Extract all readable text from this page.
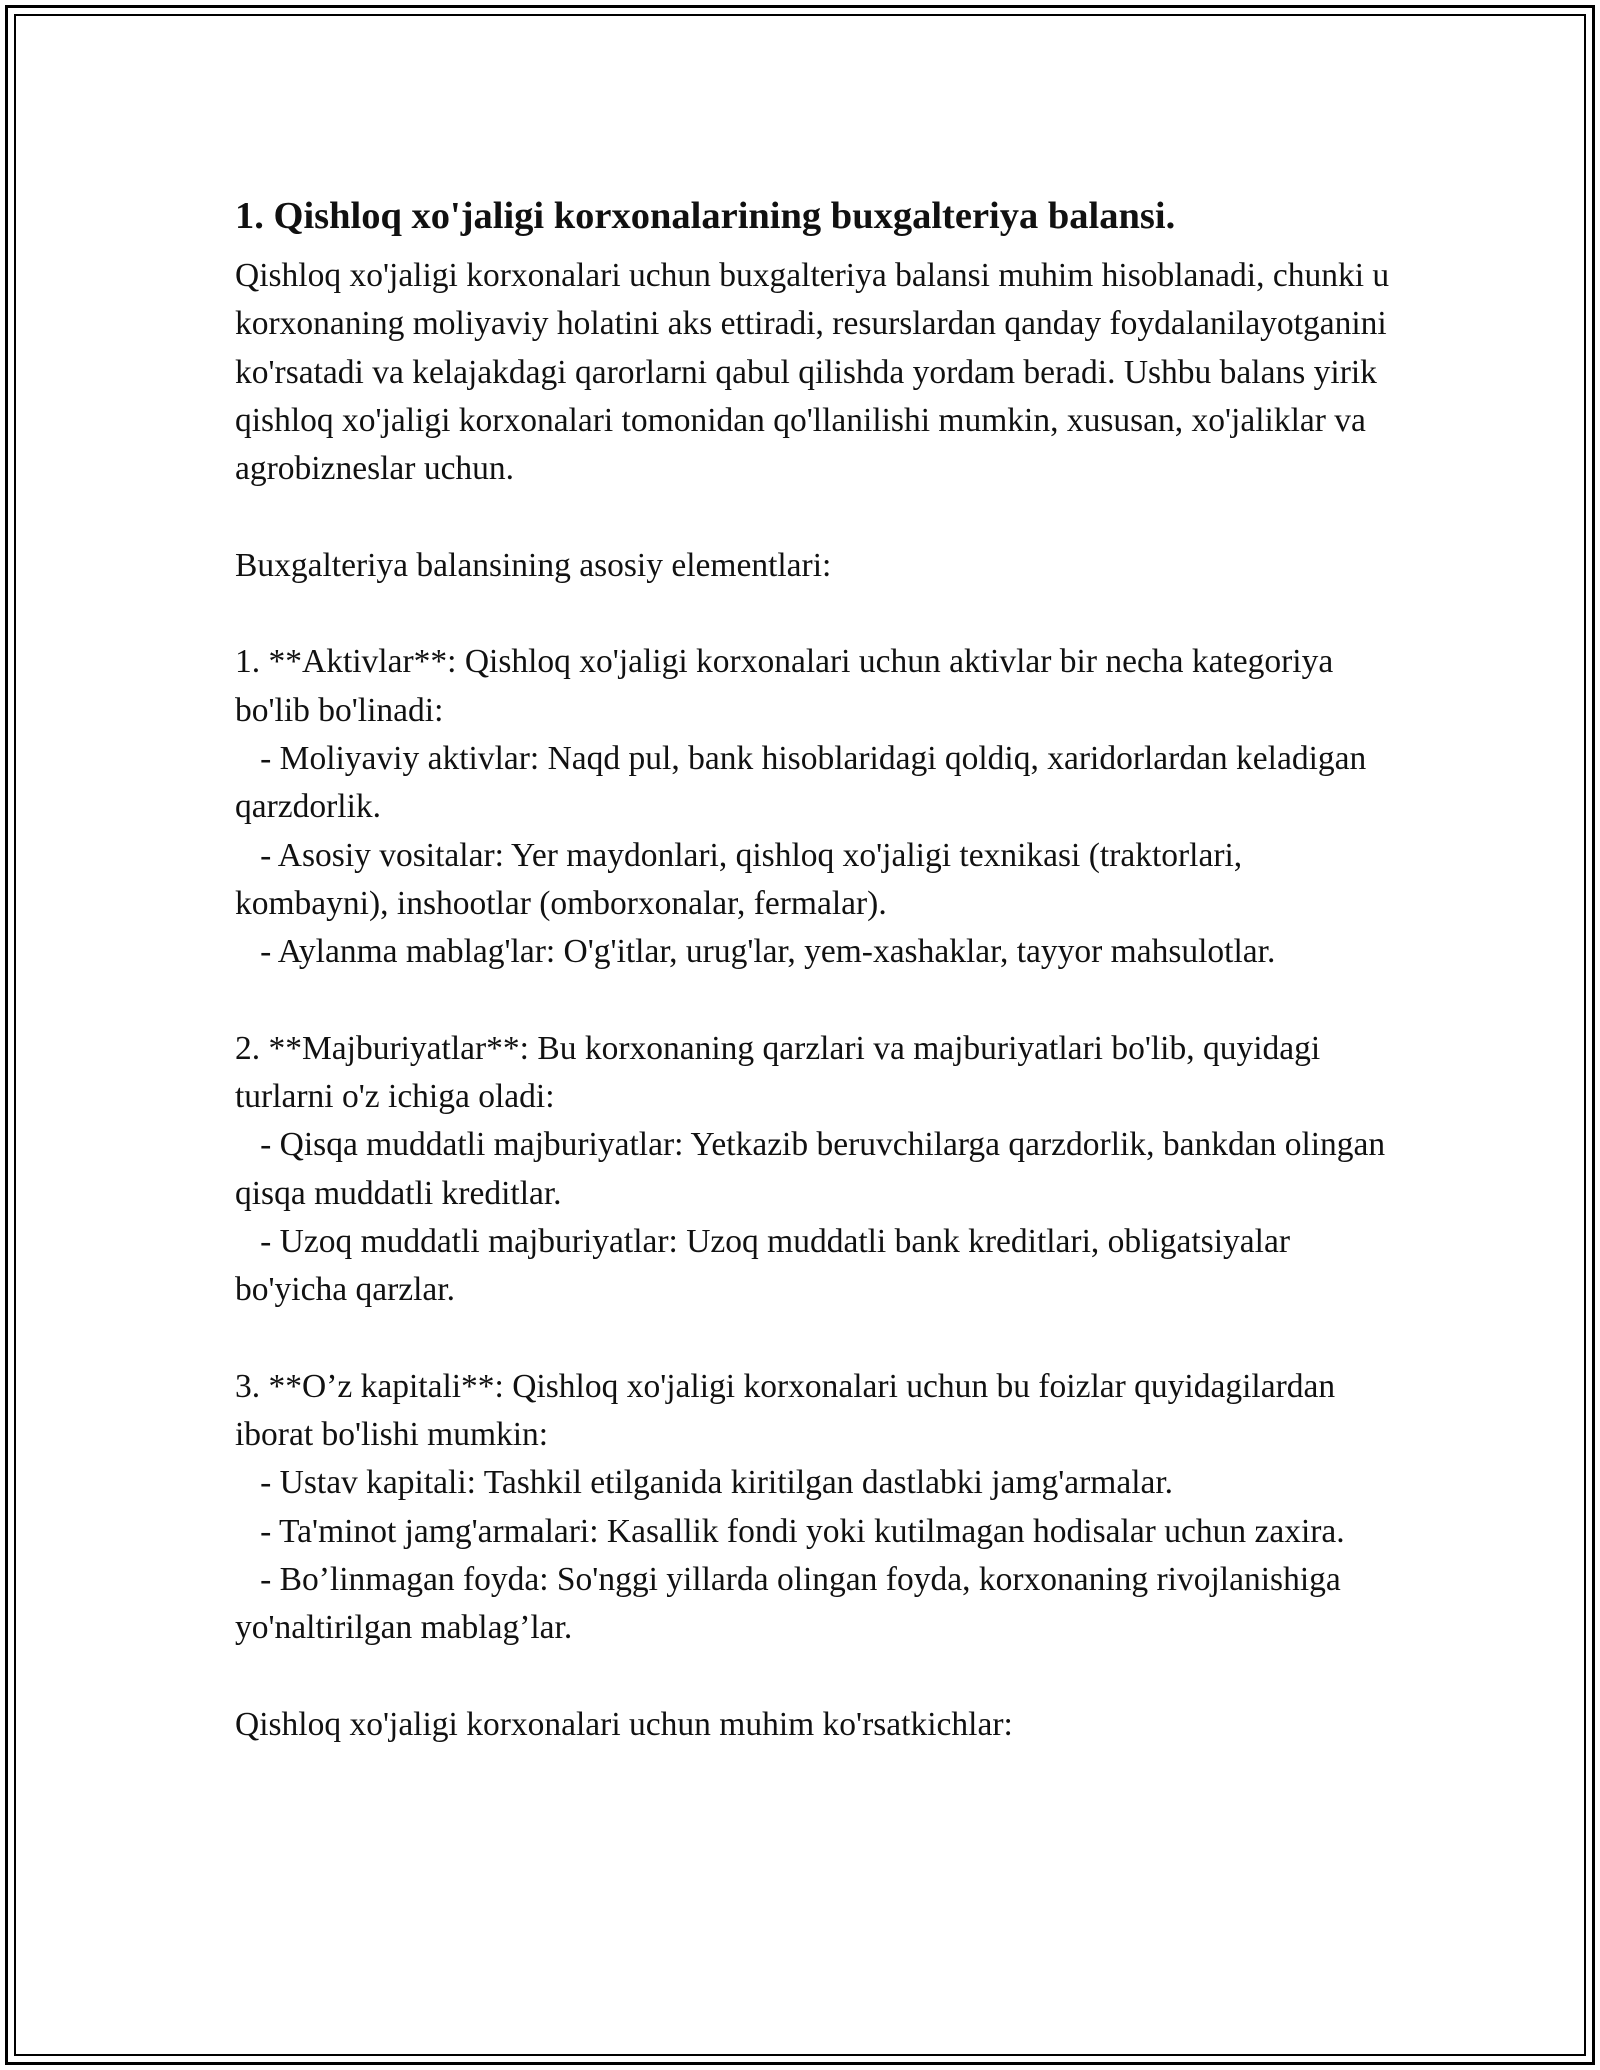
1. Qishloq xo'jaligi korxonalarining buxgalteriya balansi.

Qishloq xo'jaligi korxonalari uchun buxgalteriya balansi muhim hisoblanadi, chunki u korxonaning moliyaviy holatini aks ettiradi, resurslardan qanday foydalanilayotganini ko'rsatadi va kelajakdagi qarorlarni qabul qilishda yordam beradi. Ushbu balans yirik qishloq xo'jaligi korxonalari tomonidan qo'llanilishi mumkin, xususan, xo'jaliklar va agrobizneslar uchun.

Buxgalteriya balansining asosiy elementlari:

1. **Aktivlar**: Qishloq xo'jaligi korxonalari uchun aktivlar bir necha kategoriya bo'lib bo'linadi:

- Moliyaviy aktivlar: Naqd pul, bank hisoblaridagi qoldiq, xaridorlardan keladigan qarzdorlik.

- Asosiy vositalar: Yer maydonlari, qishloq xo'jaligi texnikasi (traktorlari, kombayni), inshootlar (omborxonalar, fermalar).

- Aylanma mablag'lar: O'g'itlar, urug'lar, yem-xashaklar, tayyor mahsulotlar.

2. **Majburiyatlar**: Bu korxonaning qarzlari va majburiyatlari bo'lib, quyidagi turlarni o'z ichiga oladi:

- Qisqa muddatli majburiyatlar: Yetkazib beruvchilarga qarzdorlik, bankdan olingan qisqa muddatli kreditlar.

- Uzoq muddatli majburiyatlar: Uzoq muddatli bank kreditlari, obligatsiyalar bo'yicha qarzlar.

3. **O’z kapitali**: Qishloq xo'jaligi korxonalari uchun bu foizlar quyidagilardan iborat bo'lishi mumkin:

- Ustav kapitali: Tashkil etilganida kiritilgan dastlabki jamg'armalar.

- Ta'minot jamg'armalari: Kasallik fondi yoki kutilmagan hodisalar uchun zaxira.

- Bo’linmagan foyda: So'nggi yillarda olingan foyda, korxonaning rivojlanishiga yo'naltirilgan mablag’lar.

Qishloq xo'jaligi korxonalari uchun muhim ko'rsatkichlar:
